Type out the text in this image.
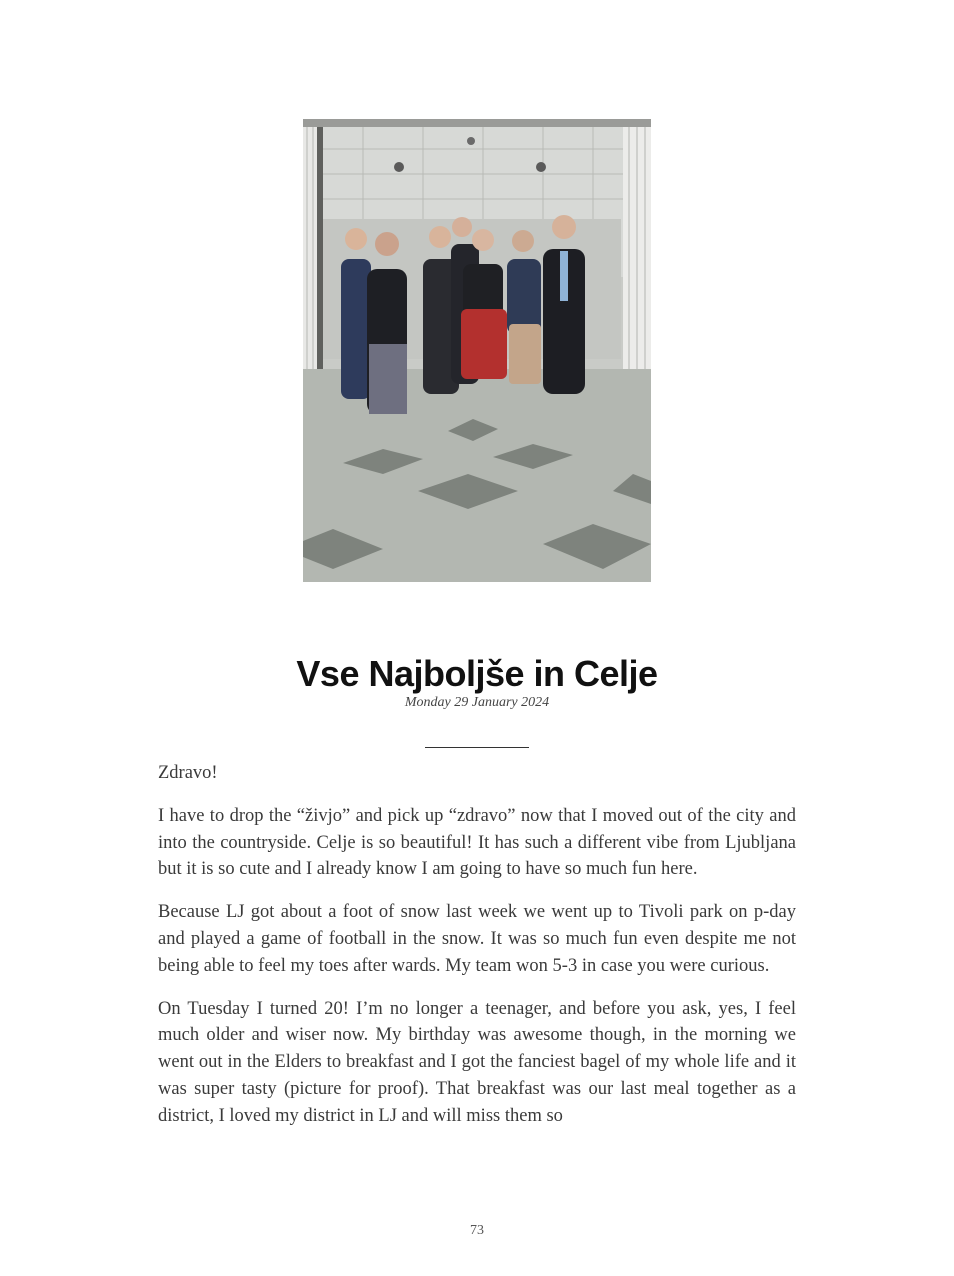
Vse Najboljše in Celje
Monday 29 January 2024

Zdravo!

I have to drop the “živjo” and pick up “zdravo” now that I moved out of the city and into the countryside. Celje is so beautiful! It has such a different vibe from Ljubljana but it is so cute and I already know I am going to have so much fun here.

Because LJ got about a foot of snow last week we went up to Tivoli park on p-day and played a game of football in the snow. It was so much fun even despite me not being able to feel my toes after wards. My team won 5-3 in case you were curious.

On Tuesday I turned 20! I’m no longer a teenager, and before you ask, yes, I feel much older and wiser now. My birthday was awesome though, in the morning we went out in the Elders to breakfast and I got the fanciest bagel of my whole life and it was super tasty (picture for proof). That breakfast was our last meal together as a district, I loved my district in LJ and will miss them so

73
